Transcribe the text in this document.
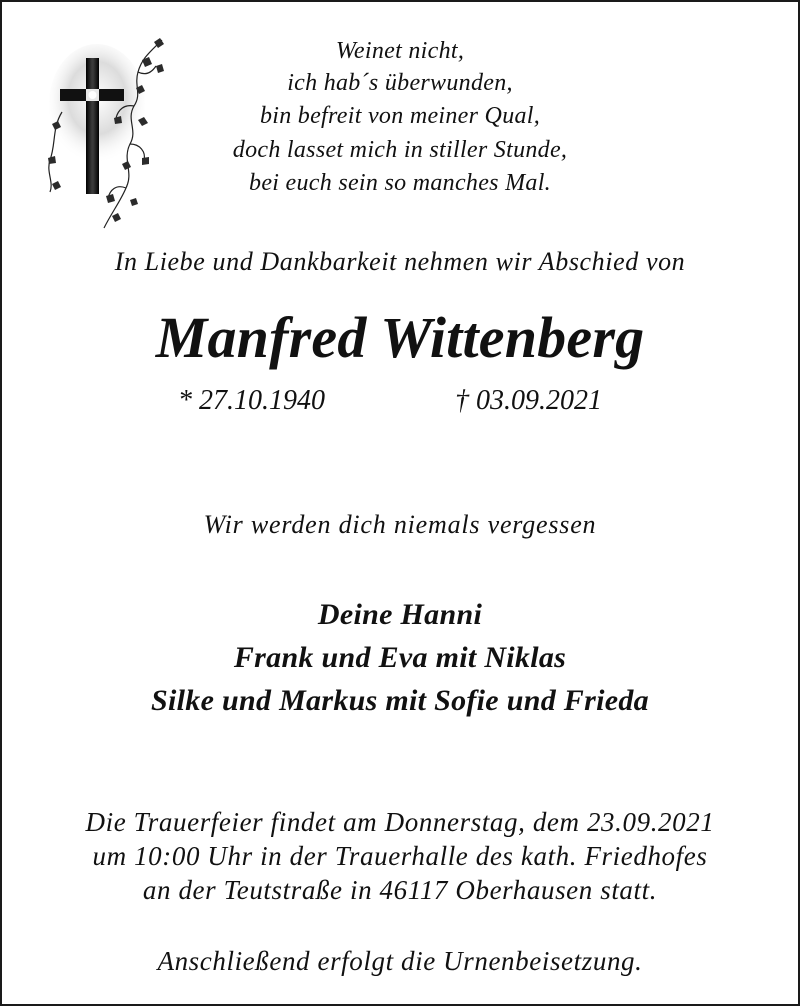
Weinet nicht,
ich hab´s überwunden,
bin befreit von meiner Qual,
doch lasset mich in stiller Stunde,
bei euch sein so manches Mal.
In Liebe und Dankbarkeit nehmen wir Abschied von
Manfred Wittenberg
* 27.10.1940	† 03.09.2021
Wir werden dich niemals vergessen
Deine Hanni
Frank und Eva mit Niklas
Silke und Markus mit Sofie und Frieda
Die Trauerfeier findet am Donnerstag, dem 23.09.2021
um 10:00 Uhr in der Trauerhalle des kath. Friedhofes
an der Teutstraße in 46117 Oberhausen statt.
Anschließend erfolgt die Urnenbeisetzung.
